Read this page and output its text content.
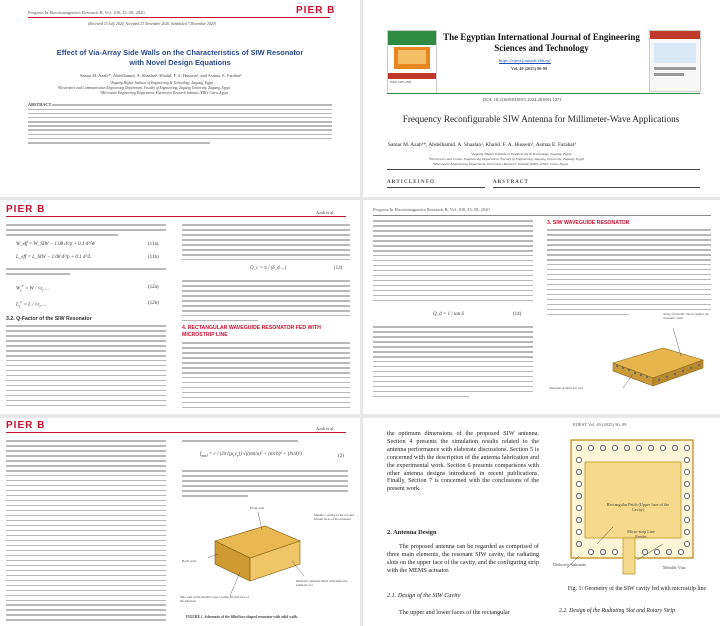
Progress In Electromagnetics Research B, Vol. 108, 35–58, 2020	PIER B
(Received 13 July 2020, Accepted 23 November 2020, Scheduled 7 December 2020)
Effect of Via-Array Side Walls on the Characteristics of SIW Resonator with Novel Design Equations
Samar M. Azab¹*, Abdelhamid. A. Shaalan², Khalid. F. A. Hussein³, and Asmaa. E. Farahat³
¹Zagazig Higher Institute of Engineering & Technology, Zagazig, Egypt
²Electronics and Communication Engineering Department, Faculty of Engineering, Zagazig University, Zagazig, Egypt
³Microwave Engineering Department, Electronics Research Institute (ERI), Cairo, Egypt
ABSTRACT
ISSN: 1687-1006
The Egyptian International Journal of Engineering Sciences and Technology
https://eijest.journals.ekb.eg/
Vol. 49 (2025) 90-99
DOI: 10.21608/EIJEST.2024.283894.1271
Frequency Reconfigurable SIW Antenna for Millimeter-Wave Applications
Samar M. Azab¹*, Abdelhamid. A. Shaalan², Khalid. F. A. Hussein³, Asmaa E. Farahat³
¹Zagazig Higher Institute of Engineering & Technology, Zagazig, Egypt
²Electronics and Comm. Engineering Department, Faculty of Engineering, Zagazig University, Zagazig, Egypt
³Microwave Engineering Department, Electronics Research Institute (ERI), 11843, Cairo, Egypt
A R T I C L E I N F O	A B S T R A C T
PIER B	Azab et al.
W_eff = W_SIW − 1.08 d²/p + 0.1 d²/W	(11a)
L_eff = L_SIW − 1.08 d²/p + 0.1 d²/L	(11b)
$W_\varepsilon^e = W / √\varepsilon_r$ ...	(12a)
$L_\varepsilon^e = L / √\varepsilon_r$ ...	(12b)
3.2. Q-Factor of the SIW Resonator
Q_c = π / (δ_d ...)	(13)
4. RECTANGULAR WAVEGUIDE RESONATOR FED WITH MICROSTRIP LINE
Progress In Electromagnetics Research B, Vol. 108, 35–58, 2020
Q_d = 1 / tan δ	(14)
3. SIW WAVEGUIDE RESONATOR
Array of metallic vias to replace the resonator walls
Substrate of dielectric loss
PIER B	Azab et al.
$f_{mnl} = c / (2\pi√(\mu_r\varepsilon_r)) √((m\pi/a)^2 + (n\pi/b)^2 + (l\pi/d)^2)$	(2)
Front wall
Back wall
Metallic coating on the top and bottom faces of the resonator
Side wall: Solid metallic layer coating the side face of the substrate
Dielectric substrate filled with dielectric substrate of ε
FIGURE 1. Schematic of the filled box-shaped resonator with solid walls.
EIJEST Vol. 49 (2025) 90–99
the optimum dimensions of the proposed SIW antenna. Section 4 presents the simulation results related to the antenna performance with elaborate discussions. Section 5 is concerned with the description of the antenna fabrication and the experimental work. Section 6 presents comparisons with other antenna designs introduced in recent publications. Finally, Section 7 is concerned with the conclusions of the present work.
2. Antenna Design
The proposed antenna can be regarded as comprised of three main elements, the resonant SIW cavity, the radiating slots on the upper face of the cavity, and the configuring strip with the MEMS actuator.
2.1. Design of the SIW Cavity
The upper and lower faces of the rectangular
Rectangular Patch (Upper face of the Cavity)
Micro-strip Line Feeder
Dielectric Substrate
Metallic Vias
Fig. 1: Geometry of the SIW cavity fed with microstrip line
2.2. Design of the Radiating Slot and Rotary Strip
